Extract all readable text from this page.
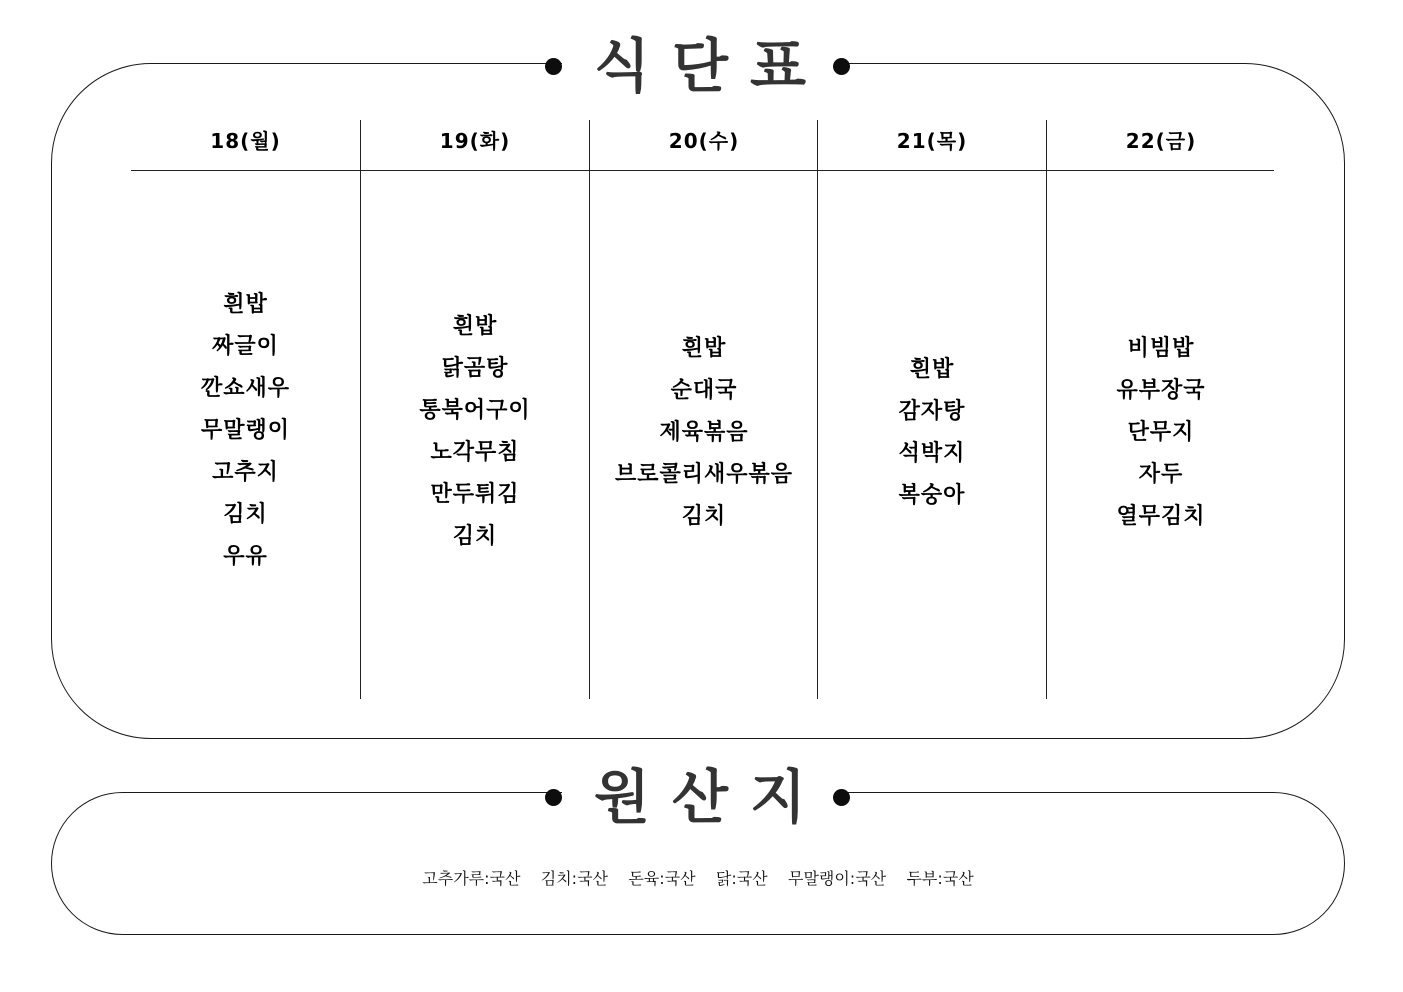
식단표
18(월)
흰밥
짜글이
깐쇼새우
무말랭이
고추지
김치
우유
19(화)
흰밥
닭곰탕
통북어구이
노각무침
만두튀김
김치
20(수)
흰밥
순대국
제육볶음
브로콜리새우볶음
김치
21(목)
흰밥
감자탕
석박지
복숭아
22(금)
비빔밥
유부장국
단무지
자두
열무김치
원산지
고추가루:국산    김치:국산    돈육:국산    닭:국산    무말랭이:국산    두부:국산
